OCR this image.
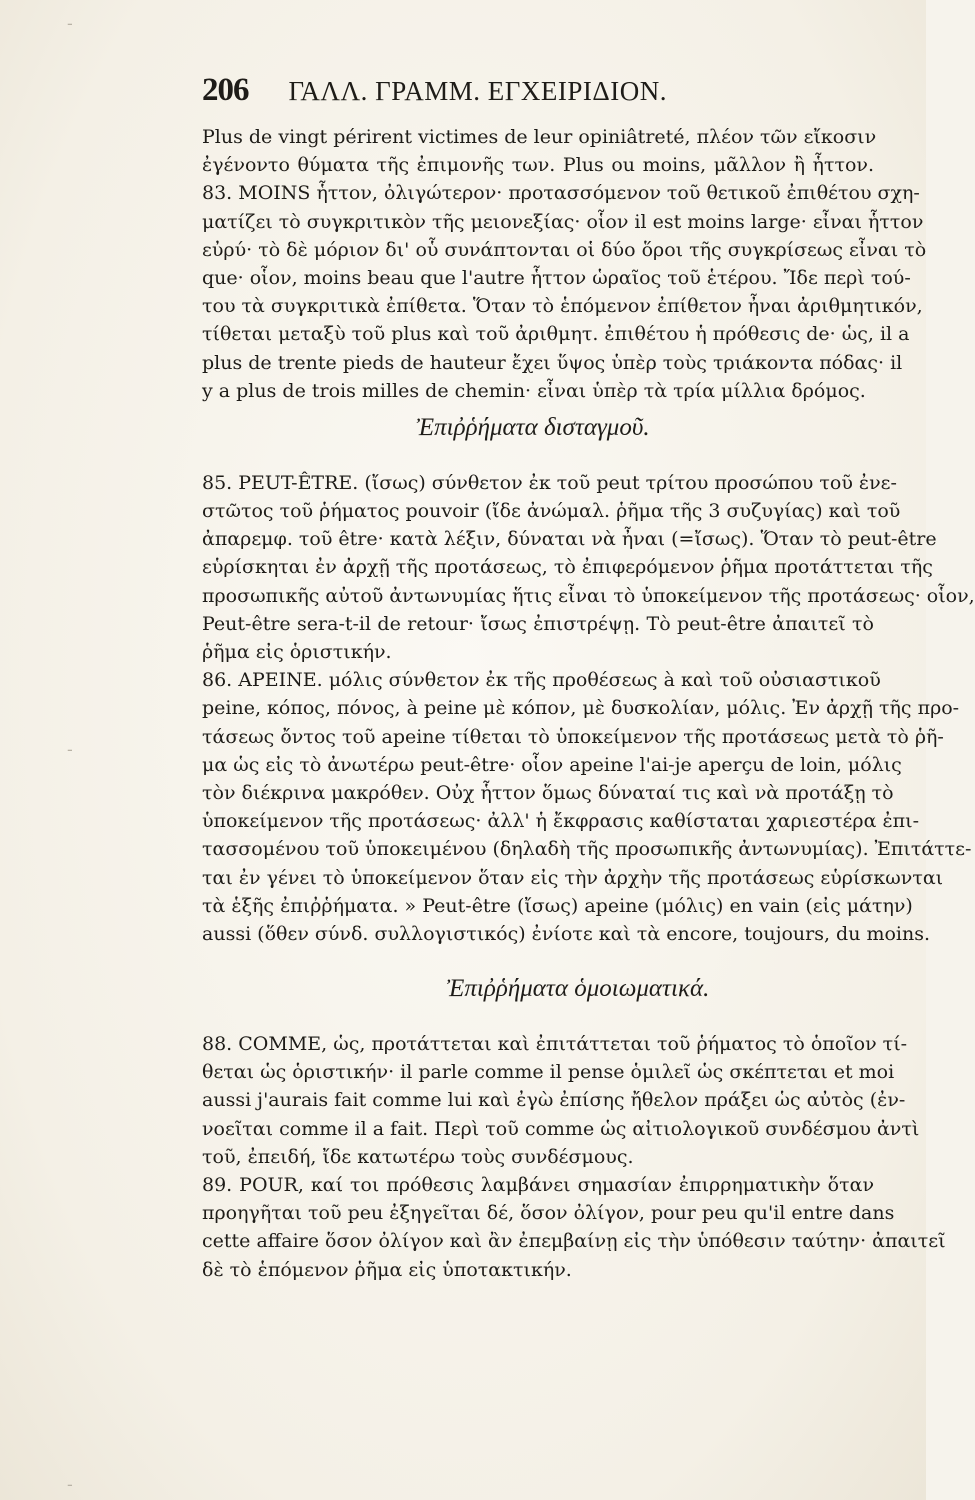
-
-
-
206 ΓΑΛΛ. ΓΡΑΜΜ. ΕΓΧΕΙΡΙΔΙΟΝ.
Plus de vingt périrent victimes de leur opiniâtreté, πλέον τῶν εἴκοσιν
ἐγένοντο θύματα τῆς ἐπιμονῆς των. Plus ou moins, μᾶλλον ἢ ἧττον.
83. MOINS ἧττον, ὀλιγώτερον· προτασσόμενον τοῦ θετικοῦ ἐπιθέτου σχη-
ματίζει τὸ συγκριτικὸν τῆς μειονεξίας· οἷον il est moins large· εἶναι ἧττον
εὐρύ· τὸ δὲ μόριον δι' οὗ συνάπτονται οἱ δύο ὅροι τῆς συγκρίσεως εἶναι τὸ
que· οἷον, moins beau que l'autre ἧττον ὡραῖος τοῦ ἑτέρου. Ἴδε περὶ τού-
του τὰ συγκριτικὰ ἐπίθετα. Ὅταν τὸ ἑπόμενον ἐπίθετον ἦναι ἀριθμητικόν,
τίθεται μεταξὺ τοῦ plus καὶ τοῦ ἀριθμητ. ἐπιθέτου ἡ πρόθεσις de· ὡς, il a
plus de trente pieds de hauteur ἔχει ὕψος ὑπὲρ τοὺς τριάκοντα πόδας· il
y a plus de trois milles de chemin· εἶναι ὑπὲρ τὰ τρία μίλλια δρόμος.
Ἐπιῤῥήματα δισταγμοῦ.
85. PEUT-ÊTRE. (ἴσως) σύνθετον ἐκ τοῦ peut τρίτου προσώπου τοῦ ἐνε-
στῶτος τοῦ ῥήματος pouvoir (ἴδε ἀνώμαλ. ῥῆμα τῆς 3 συζυγίας) καὶ τοῦ
ἀπαρεμφ. τοῦ être· κατὰ λέξιν, δύναται νὰ ἦναι (=ἴσως). Ὅταν τὸ peut-être
εὑρίσκηται ἐν ἀρχῇ τῆς προτάσεως, τὸ ἐπιφερόμενον ῥῆμα προτάττεται τῆς
προσωπικῆς αὐτοῦ ἀντωνυμίας ἥτις εἶναι τὸ ὑποκείμενον τῆς προτάσεως· οἷον,
Peut-être sera-t-il de retour· ἴσως ἐπιστρέψῃ. Τὸ peut-être ἀπαιτεῖ τὸ
ῥῆμα εἰς ὁριστικήν.
86. APEINE. μόλις σύνθετον ἐκ τῆς προθέσεως à καὶ τοῦ οὐσιαστικοῦ
peine, κόπος, πόνος, à peine μὲ κόπον, μὲ δυσκολίαν, μόλις. Ἐν ἀρχῇ τῆς προ-
τάσεως ὄντος τοῦ apeine τίθεται τὸ ὑποκείμενον τῆς προτάσεως μετὰ τὸ ῥῆ-
μα ὡς εἰς τὸ ἀνωτέρω peut-être· οἷον apeine l'ai-je aperçu de loin, μόλις
τὸν διέκρινα μακρόθεν. Οὐχ ἧττον ὅμως δύναταί τις καὶ νὰ προτάξῃ τὸ
ὑποκείμενον τῆς προτάσεως· ἀλλ' ἡ ἔκφρασις καθίσταται χαριεστέρα ἐπι-
τασσομένου τοῦ ὑποκειμένου (δηλαδὴ τῆς προσωπικῆς ἀντωνυμίας). Ἐπιτάττε-
ται ἐν γένει τὸ ὑποκείμενον ὅταν εἰς τὴν ἀρχὴν τῆς προτάσεως εὑρίσκωνται
τὰ ἑξῆς ἐπιῤῥήματα. » Peut-être (ἴσως) apeine (μόλις) en vain (εἰς μάτην)
aussi (ὅθεν σύνδ. συλλογιστικός) ἐνίοτε καὶ τὰ encore, toujours, du moins.
Ἐπιῤῥήματα ὁμοιωματικά.
88. COMME, ὡς, προτάττεται καὶ ἐπιτάττεται τοῦ ῥήματος τὸ ὁποῖον τί-
θεται ὡς ὁριστικήν· il parle comme il pense ὁμιλεῖ ὡς σκέπτεται et moi
aussi j'aurais fait comme lui καὶ ἐγὼ ἐπίσης ἤθελον πράξει ὡς αὐτὸς (ἐν-
νοεῖται comme il a fait. Περὶ τοῦ comme ὡς αἰτιολογικοῦ συνδέσμου ἀντὶ
τοῦ, ἐπειδή, ἴδε κατωτέρω τοὺς συνδέσμους.
89. POUR, καί τοι πρόθεσις λαμβάνει σημασίαν ἐπιρρηματικὴν ὅταν
προηγῆται τοῦ peu ἐξηγεῖται δέ, ὅσον ὀλίγον, pour peu qu'il entre dans
cette affaire ὅσον ὀλίγον καὶ ἂν ἐπεμβαίνῃ εἰς τὴν ὑπόθεσιν ταύτην· ἀπαιτεῖ
δὲ τὸ ἑπόμενον ῥῆμα εἰς ὑποτακτικήν.
